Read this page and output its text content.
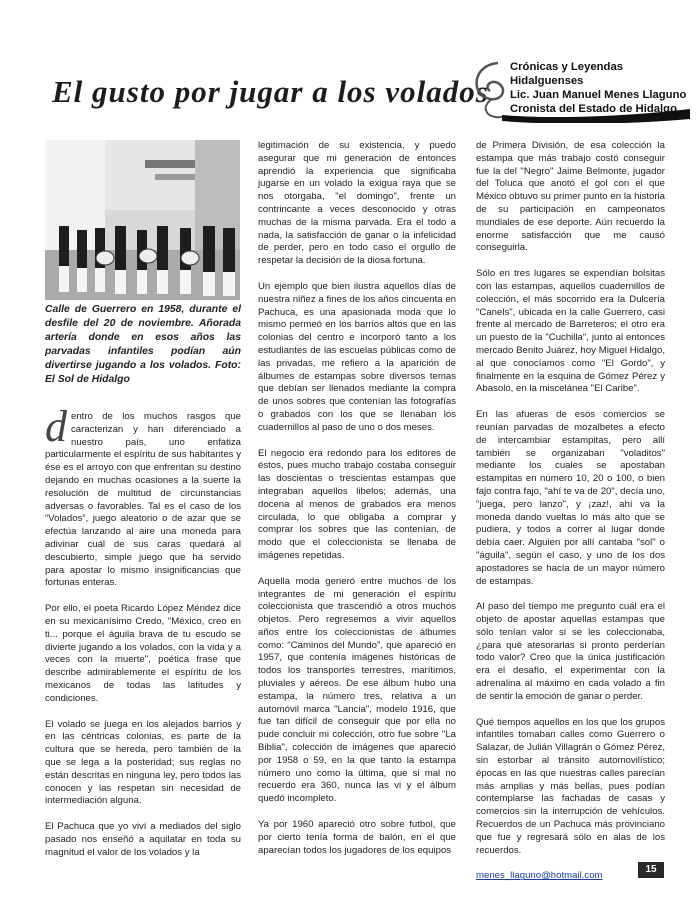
El gusto por jugar a los volados
Crónicas y Leyendas Hidalguenses
Lic. Juan Manuel Menes Llaguno
Cronista del Estado de Hidalgo
Calle de Guerrero en 1958, durante el desfile del 20 de noviembre. Añorada artería donde en esos años las parvadas infantiles podían aún divertirse jugando a los volados. Foto: El Sol de Hidalgo

dentro de los muchos rasgos que caracterizan y han diferenciado a nuestro país, uno enfatiza particularmente el espíritu de sus habitantes y ése es el arroyo con que enfrentan su destino dejando en muchas ocasiones a la suerte la resolución de multitud de circunstancias adversas o favorables. Tal es el caso de los “Volados”, juego aleatorio o de azar que se efectúa lanzando al aire una moneda para adivinar cuál de sus caras quedará al descubierto, simple juego que ha servido para apostar lo mismo insignificancias que fortunas enteras.

Por ello, el poeta Ricardo López Méndez dice en su mexicanísimo Credo, "México, creo en ti... porque el águila brava de tu escudo se divierte jugando a los volados, con la vida y a veces con la muerte", poética frase que describe admirablemente el espíritu de los mexicanos de todas las latitudes y condiciones.

El volado se juega en los alejados barrios y en las céntricas colonias, es parte de la cultura que se hereda, pero también de la que se lega a la posteridad; sus reglas no están descritas en ninguna ley, pero todos las conocen y las respetan sin necesidad de intermediación alguna.

El Pachuca que yo viví a mediados del siglo pasado nos enseñó a aquilatar en toda su magnitud el valor de los volados y la

legitimación de su existencia, y puedo asegurar que mi generación de entonces aprendió la experiencia que significaba jugarse en un volado la exigua raya que se nos otorgaba, "el domingo", frente un contrincante a veces desconocido y otras muchas de la misma parvada. Era el todo a nada, la satisfacción de ganar o la infelicidad de perder, pero en todo caso el orgullo de respetar la decisión de la diosa fortuna.

Un ejemplo que bien ilustra aquellos días de nuestra niñez a fines de los años cincuenta en Pachuca, es una apasionada moda que lo mismo permeó en los barrios altos que en las colonias del centro e incorporó tanto a los estudiantes de las escuelas públicas como de las privadas, me refiero a la aparición de álbumes de estampas sobre diversos temas que debían ser llenados mediante la compra de unos sobres que contenían las fotografías o grabados con los que se llenaban los cuadernillos al paso de uno o dos meses.

El negocio era redondo para los editores de éstos, pues mucho trabajo costaba conseguir las doscientas o trescientas estampas que integraban aquellos libelos; además, una docena al menos de grabados era menos circulada, lo que obligaba a comprar y comprar los sobres que las contenían, de modo que el coleccionista se llenaba de imágenes repetidas.

Aquella moda generó entre muchos de los integrantes de mi generación el espíritu coleccionista que trascendió a otros muchos objetos. Pero regresemos a vivir aquellos años entre los coleccionistas de álbumes como: "Caminos del Mundo", que apareció en 1957, que contenía imágenes históricas de todos los transportes terrestres, marítimos, pluviales y aéreos. De ese álbum hubo una estampa, la número tres, relativa a un automóvil marca "Lancia", modelo 1916, que fue tan difícil de conseguir que por ella no pude concluir mi colección, otro fue sobre "La Biblia", colección de imágenes que apareció por 1958 o 59, en la que tanto la estampa número uno como la última, que si mal no recuerdo era 360, nunca las vi y el álbum quedó incompleto.

Ya por 1960 apareció otro sobre futbol, que por cierto tenía forma de balón, en el que aparecían todos los jugadores de los equipos

de Primera División, de esa colección la estampa que más trabajo costó conseguir fue la del "Negro" Jaime Belmonte, jugador del Toluca que anotó el gol con el que México obtuvo su primer punto en la historia de su participación en campeonatos mundiales de ese deporte. Aún recuerdo la enorme satisfacción que me causó conseguirla.

Sólo en tres lugares se expendían bolsitas con las estampas, aquellos cuadernillos de colección, el más socorrido era la Dulcería "Canels", ubicada en la calle Guerrero, casi frente al mercado de Barreteros; el otro era un puesto de la "Cuchilla", junto al entonces mercado Benito Juárez, hoy Miguel Hidalgo, al que conocíamos como "El Gordo", y finalmente en la esquina de Gómez Pérez y Abasolo, en la miscelánea "El Caribe".

En las afueras de esos comercios se reunían parvadas de mozalbetes a efecto de intercambiar estampitas, pero allí también se organizaban "voladitos" mediante los cuales se apostaban estampitas en número 10, 20 o 100, o bien fajo contra fajo, "ahí te va de 20", decía uno, "juega, pero lanzo", y ¡zaz!, ahí va la moneda dando vueltas lo más alto que se pudiera, y todos a correr al lugar donde debía caer. Alguien por allí cantaba "sol" o "águila", según el caso, y uno de los dos apostadores se hacía de un mayor número de estampas.

Al paso del tiempo me pregunto cuál era el objeto de apostar aquellas estampas que sólo tenían valor si se les coleccionaba, ¿para qué atesorarlas si pronto perderían todo valor? Creo que la única justificación era el desafío, el experimentar con la adrenalina al máximo en cada volado a fin de sentir la emoción de ganar o perder.

Qué tiempos aquellos en los que los grupos infantiles tomaban calles como Guerrero o Salazar, de Julián Villagrán o Gómez Pérez, sin estorbar al tránsito automovilístico; épocas en las que nuestras calles parecían más amplias y más bellas, pues podían contemplarse las fachadas de casas y comercios sin la interrupción de vehículos. Recuerdos de un Pachuca más provinciano que fue y regresará sólo en alas de los recuerdos.

menes_llaguno@hotmail.com

15
